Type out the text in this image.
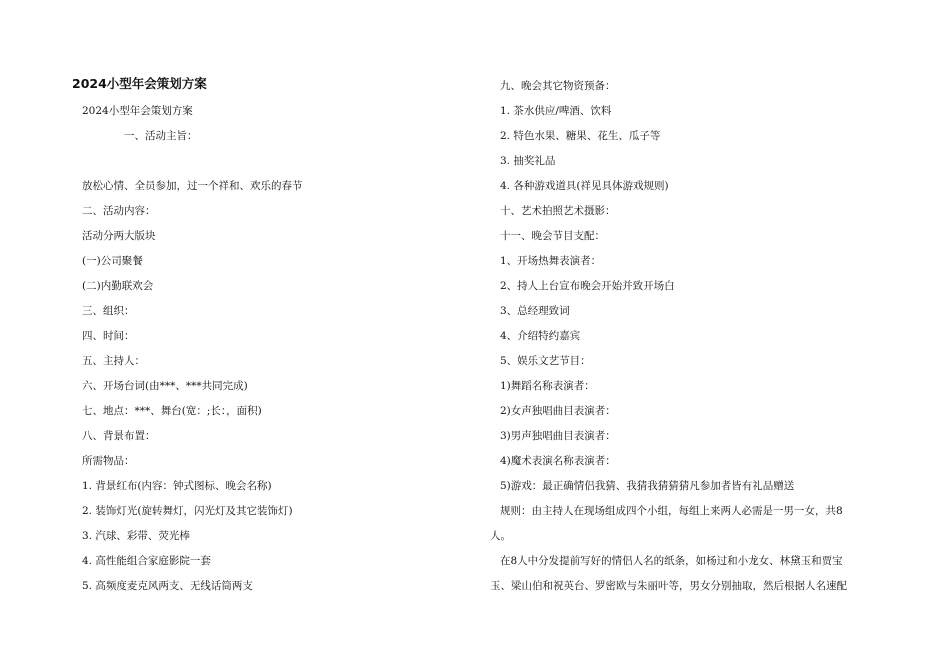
2024小型年会策划方案
2024小型年会策划方案
一、活动主旨：
放松心情、全员参加，过一个祥和、欢乐的春节
二、活动内容：
活动分两大版块
(一)公司聚餐
(二)内勤联欢会
三、组织：
四、时间：
五、主持人：
六、开场台词(由***、***共同完成)
七、地点：***、舞台(宽：;长：，面积)
八、背景布置：
所需物品：
1. 背景红布(内容：钟式图标、晚会名称)
2. 装饰灯光(旋转舞灯，闪光灯及其它装饰灯)
3. 汽球、彩带、荧光棒
4. 高性能组合家庭影院一套
5. 高频度麦克风两支、无线话筒两支
九、晚会其它物资预备：
1. 茶水供应/啤酒、饮料
2. 特色水果、糖果、花生、瓜子等
3. 抽奖礼品
4. 各种游戏道具(祥见具体游戏规则)
十、艺术拍照艺术摄影：
十一、晚会节目支配：
1、开场热舞表演者：
2、持人上台宣布晚会开始并致开场白
3、总经理致词
4、介绍特约嘉宾
5、娱乐文艺节目：
1)舞蹈名称表演者：
2)女声独唱曲目表演者：
3)男声独唱曲目表演者：
4)魔术表演名称表演者：
5)游戏：最正确情侣我猜、我猜我猜猜猜凡参加者皆有礼品赠送
规则：由主持人在现场组成四个小组，每组上来两人必需是一男一女，共8
人。
在8人中分发提前写好的情侣人名的纸条，如杨过和小龙女、林黛玉和贾宝
玉、梁山伯和祝英台、罗密欧与朱丽叶等，男女分别抽取，然后根据人名速配
